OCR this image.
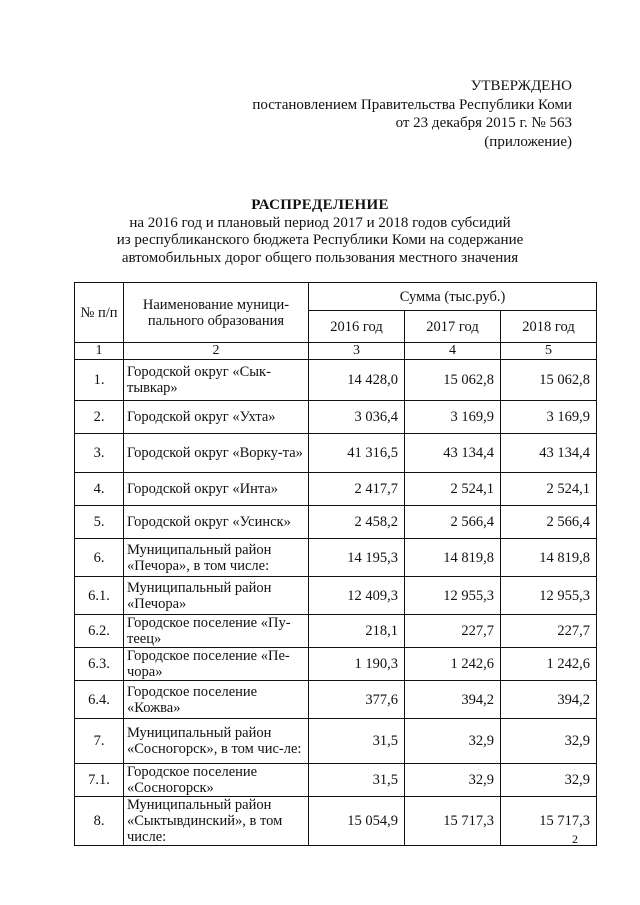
УТВЕРЖДЕНО
постановлением Правительства Республики Коми
от 23 декабря 2015 г. № 563
(приложение)
РАСПРЕДЕЛЕНИЕ
на 2016 год и плановый период 2017 и 2018 годов субсидий
из республиканского бюджета Республики Коми на содержание
автомобильных дорог общего пользования местного значения
№ п/п	Наименование муници-пального образования	Сумма (тыс.руб.)		
		2016 год	2017 год	2018 год
1	2	3	4	5
1.	Городской округ «Сык-тывкар»	14 428,0	15 062,8	15 062,8
2.	Городской округ «Ухта»	3 036,4	3 169,9	3 169,9
3.	Городской округ «Ворку-та»	41 316,5	43 134,4	43 134,4
4.	Городской округ «Инта»	2 417,7	2 524,1	2 524,1
5.	Городской округ «Усинск»	2 458,2	2 566,4	2 566,4
6.	Муниципальный район «Печора», в том числе:	14 195,3	14 819,8	14 819,8
6.1.	Муниципальный район «Печора»	12 409,3	12 955,3	12 955,3
6.2.	Городское поселение «Пу-теец»	218,1	227,7	227,7
6.3.	Городское поселение «Пе-чора»	1 190,3	1 242,6	1 242,6
6.4.	Городское поселение «Кожва»	377,6	394,2	394,2
7.	Муниципальный район «Сосногорск», в том чис-ле:	31,5	32,9	32,9
7.1.	Городское поселение «Сосногорск»	31,5	32,9	32,9
8.	Муниципальный район «Сыктывдинский», в том числе:	15 054,9	15 717,3	15 717,3
2
